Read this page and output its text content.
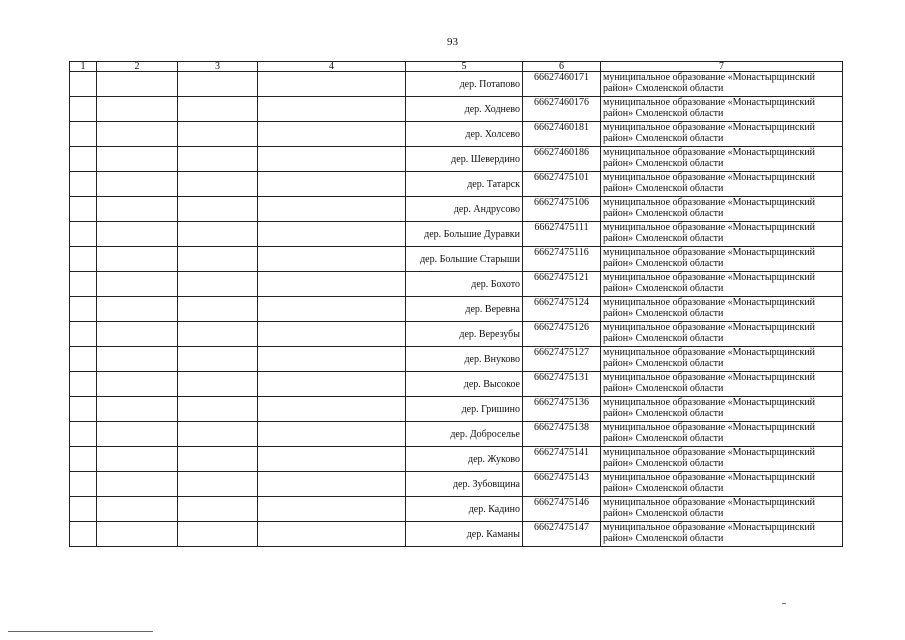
93
1	2	3	4	5	6	7
				дер. Потапово	66627460171	муниципальное образование «Монастырщинский район» Смоленской области
				дер. Ходнево	66627460176	муниципальное образование «Монастырщинский район» Смоленской области
				дер. Холсево	66627460181	муниципальное образование «Монастырщинский район» Смоленской области
				дер. Шевердино	66627460186	муниципальное образование «Монастырщинский район» Смоленской области
				дер. Татарск	66627475101	муниципальное образование «Монастырщинский район» Смоленской области
				дер. Андрусово	66627475106	муниципальное образование «Монастырщинский район» Смоленской области
				дер. Большие Дуравки	66627475111	муниципальное образование «Монастырщинский район» Смоленской области
				дер. Большие Старыши	66627475116	муниципальное образование «Монастырщинский район» Смоленской области
				дер. Бохото	66627475121	муниципальное образование «Монастырщинский район» Смоленской области
				дер. Веревна	66627475124	муниципальное образование «Монастырщинский район» Смоленской области
				дер. Верезубы	66627475126	муниципальное образование «Монастырщинский район» Смоленской области
				дер. Внуково	66627475127	муниципальное образование «Монастырщинский район» Смоленской области
				дер. Высокое	66627475131	муниципальное образование «Монастырщинский район» Смоленской области
				дер. Гришино	66627475136	муниципальное образование «Монастырщинский район» Смоленской области
				дер. Доброселье	66627475138	муниципальное образование «Монастырщинский район» Смоленской области
				дер. Жуково	66627475141	муниципальное образование «Монастырщинский район» Смоленской области
				дер. Зубовщина	66627475143	муниципальное образование «Монастырщинский район» Смоленской области
				дер. Кадино	66627475146	муниципальное образование «Монастырщинский район» Смоленской области
				дер. Каманы	66627475147	муниципальное образование «Монастырщинский район» Смоленской области
